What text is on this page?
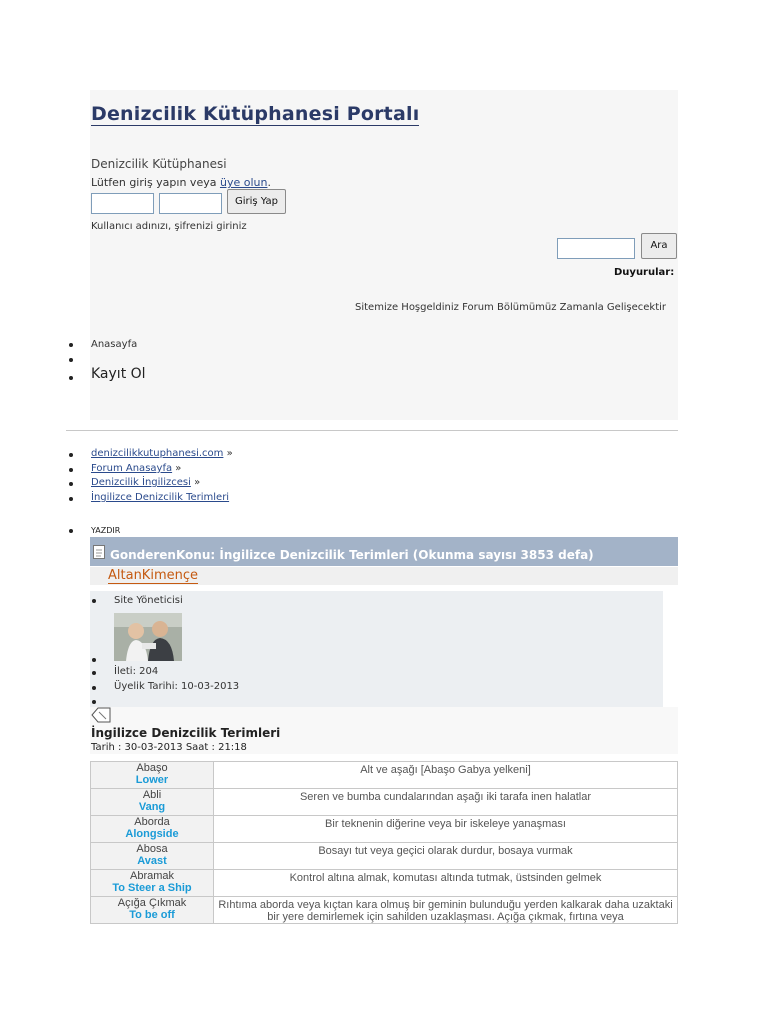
Denizcilik Kütüphanesi Portalı
Denizcilik Kütüphanesi
Lütfen giriş yapın veya üye olun.
Giriş Yap
Kullanıcı adınızı, şifrenizi giriniz
Ara
Duyurular:
Sitemize Hoşgeldiniz Forum Bölümümüz Zamanla Gelişecektir
Anasayfa
Kayıt Ol
denizcilikkutuphanesi.com »
Forum Anasayfa »
Denizcilik İngilizcesi »
İngilizce Denizcilik Terimleri
YAZDIR
GonderenKonu: İngilizce Denizcilik Terimleri (Okunma sayısı 3853 defa)
AltanKimençe
Site Yöneticisi
İleti: 204
Üyelik Tarihi: 10-03-2013
İngilizce Denizcilik Terimleri
Tarih : 30-03-2013 Saat : 21:18
Abaşo
Lower	Alt ve aşağı [Abaşo Gabya yelkeni]

Abli
Vang	Seren ve bumba cundalarından aşağı iki tarafa inen halatlar

Aborda
Alongside	Bir teknenin diğerine veya bir iskeleye yanaşması

Abosa
Avast	Bosayı tut veya geçici olarak durdur, bosaya vurmak

Abramak
To Steer a Ship	Kontrol altına almak, komutası altında tutmak, üstsinden gelmek

Açığa Çıkmak
To be off	Rıhtıma aborda veya kıçtan kara olmuş bir geminin bulunduğu yerden kalkarak daha uzaktaki bir yere demirlemek için sahilden uzaklaşması. Açığa çıkmak, fırtına veya
